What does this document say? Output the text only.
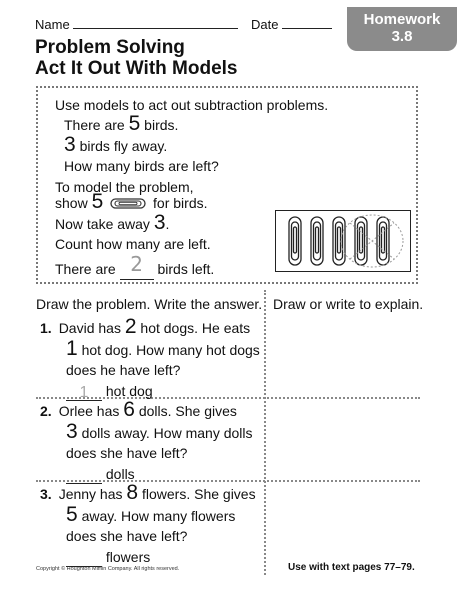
Name	Date	Homework
3.8
Problem Solving
Act It Out With Models
Use models to act out subtraction problems.
There are 5 birds.
3 birds fly away.
How many birds are left?
To model the problem,
show 5	for birds.
Now take away 3.
Count how many are left.
There are 2 birds left.
Draw the problem. Write the answer. Draw or write to explain.
1. David has 2 hot dogs. He eats
1 hot dog. How many hot dogs
does he have left?
1 hot dog
2. Orlee has 6 dolls. She gives
3 dolls away. How many dolls
does she have left?
dolls
3. Jenny has 8 flowers. She gives
5 away. How many flowers
does she have left?
flowers
Copyright © Houghton Mifflin Company. All rights reserved.	Use with text pages 77–79.
